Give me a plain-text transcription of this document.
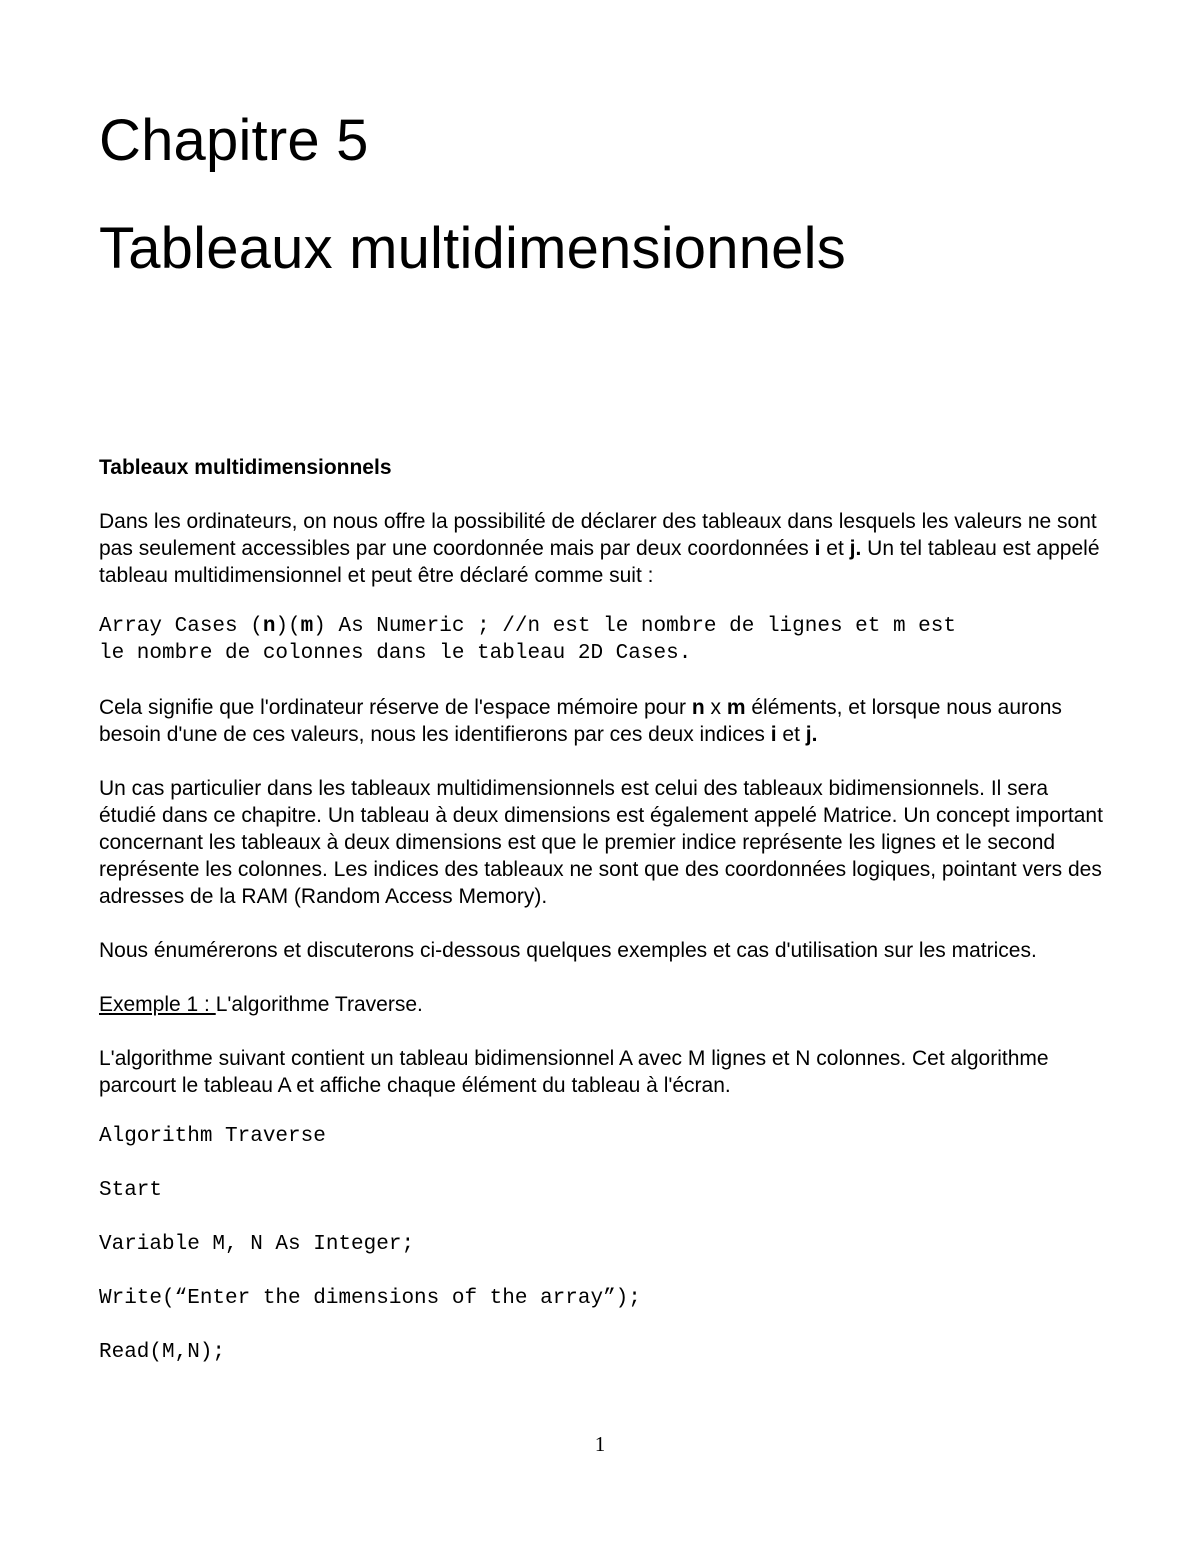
Chapitre 5
Tableaux multidimensionnels
Tableaux multidimensionnels

Dans les ordinateurs, on nous offre la possibilité de déclarer des tableaux dans lesquels les valeurs ne sont pas seulement accessibles par une coordonnée mais par deux coordonnées i et j. Un tel tableau est appelé tableau multidimensionnel et peut être déclaré comme suit :

Array Cases (n)(m) As Numeric ; //n est le nombre de lignes et m est
le nombre de colonnes dans le tableau 2D Cases.

Cela signifie que l'ordinateur réserve de l'espace mémoire pour n x m éléments, et lorsque nous aurons besoin d'une de ces valeurs, nous les identifierons par ces deux indices i et j.

Un cas particulier dans les tableaux multidimensionnels est celui des tableaux bidimensionnels. Il sera étudié dans ce chapitre. Un tableau à deux dimensions est également appelé Matrice. Un concept important concernant les tableaux à deux dimensions est que le premier indice représente les lignes et le second représente les colonnes. Les indices des tableaux ne sont que des coordonnées logiques, pointant vers des adresses de la RAM (Random Access Memory).

Nous énumérerons et discuterons ci-dessous quelques exemples et cas d'utilisation sur les matrices.

Exemple 1 : L'algorithme Traverse.

L'algorithme suivant contient un tableau bidimensionnel A avec M lignes et N colonnes. Cet algorithme parcourt le tableau A et affiche chaque élément du tableau à l'écran.

Algorithm Traverse
Start
Variable M, N As Integer;
Write(“Enter the dimensions of the array”);
Read(M,N);
1
